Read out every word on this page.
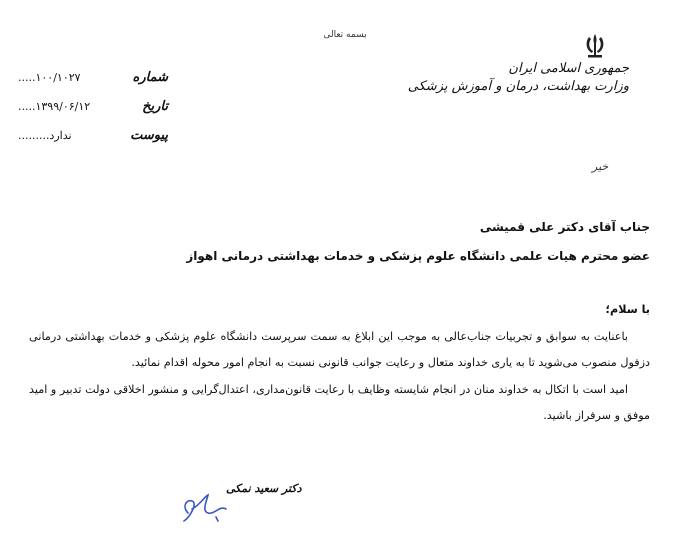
بسمه تعالی
جمهوری اسلامی ایران
وزارت بهداشت، درمان و آموزش پزشکی
خیر
شماره
۱۰۰/۱۰۲۷.....
تاریخ
۱۳۹۹/۰۶/۱۲.....
پیوست
ندارد.........
جناب آقای دکتر علی قمیشی
عضو محترم هیات علمی دانشگاه علوم پزشکی و خدمات بهداشتی درمانی اهواز

با سلام؛

باعنایت به سوابق و تجربیات جناب‌عالی به موجب این ابلاغ به سمت سرپرست دانشگاه علوم پزشکی و خدمات بهداشتی درمانی دزفول منصوب می‌شوید تا به یاری خداوند متعال و رعایت جوانب قانونی نسبت به انجام امور محوله اقدام نمائید.

امید است با اتکال به خداوند منان در انجام شایسته وظایف با رعایت قانون‌مداری، اعتدال‌گرایی و منشور اخلاقی دولت تدبیر و امید موفق و سرفراز باشید.

دکتر سعید نمکی
